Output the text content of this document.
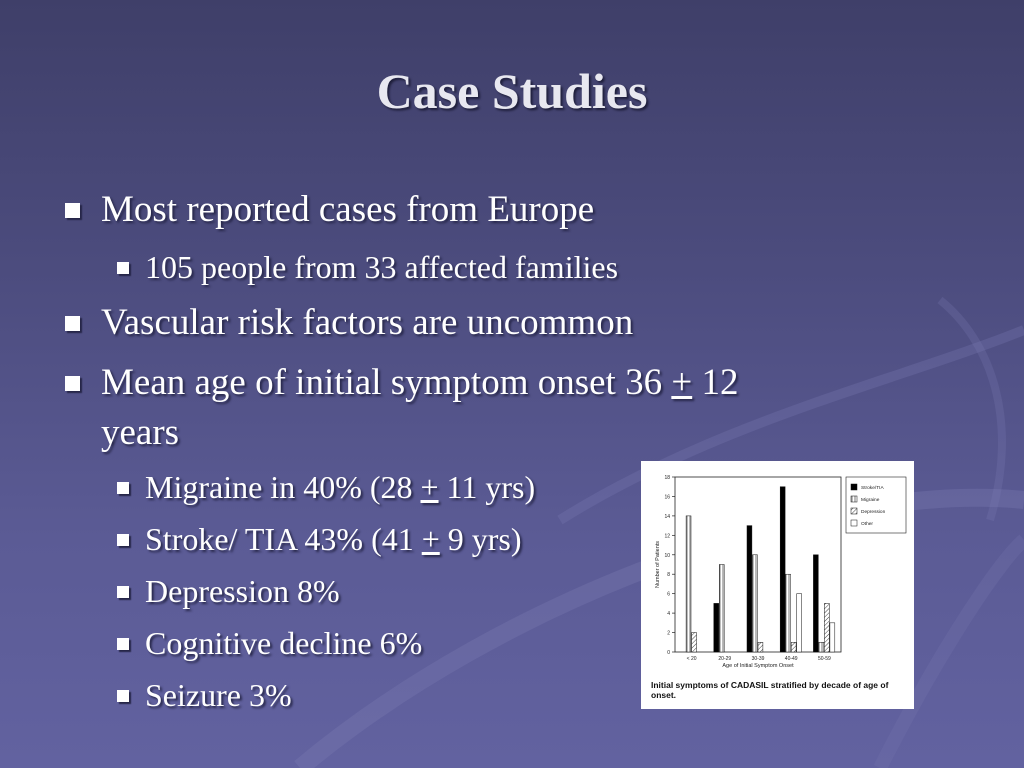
Case Studies
Most reported cases from Europe
105 people from 33 affected families
Vascular risk factors are uncommon
Mean age of initial symptom onset 36 + 12
years
Migraine in 40% (28 + 11 yrs)
Stroke/ TIA 43% (41 + 9 yrs)
Depression 8%
Cognitive decline 6%
Seizure 3%
0
2
4
6
8
10
12
14
16
18
< 20	20-29	30-39	40-49	50-59
Age of Initial Symptom Onset
Number of Patients
Stroke/TIA
Migraine
Depression
Other
Initial symptoms of CADASIL stratified by decade of age of onset.
